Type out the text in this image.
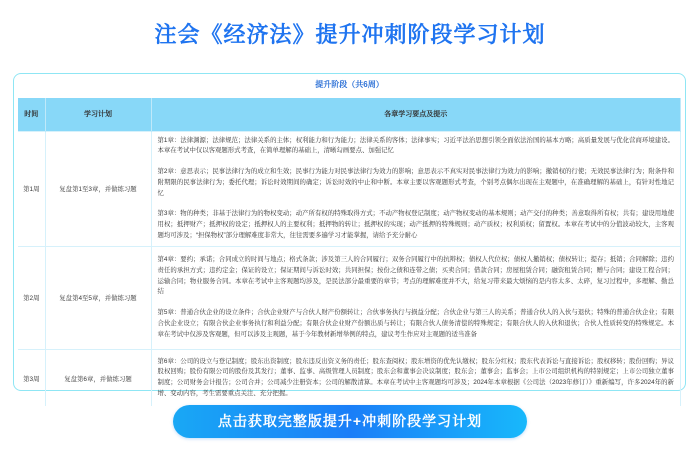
注会《经济法》提升冲刺阶段学习计划
提升阶段（共6周）
时间	学习计划	各章学习要点及提示
第1周	复盘第1至3章，并做练习题	第1章：法律渊源；法律规范；法律关系的主体；权利能力和行为能力；法律关系的客体；法律事实；习近平法治思想引领全面依法治国的基本方略；高质量发展与优化营商环境建设。本章在考试中仅以客观题形式考查，在简单理解的基础上，清晰勾画要点、加强记忆

第2章：意思表示；民事法律行为的成立和生效；民事行为能力对民事法律行为效力的影响；意思表示不真实对民事法律行为效力的影响；撤销权的行使；无效民事法律行为；附条件和附期限的民事法律行为；委托代理；诉讼时效期间的确定；诉讼时效的中止和中断。本章主要以客观题形式考查，个别考点偶尔出现在主观题中，在准确理解的基础上，有针对性地记忆

第3章：物的种类；非基于法律行为的物权变动；动产所有权的特殊取得方式；不动产物权登记制度；动产物权变动的基本规则；动产交付的种类；善意取得所有权；共有；建设用地使用权；抵押财产；抵押权的设定；抵押权人的主要权利；抵押物的转让；抵押权的实现；动产抵押的特殊规则；动产质权；权利质权；留置权。本章在考试中的分值波动较大，主客观题均可涉及；“担保物权”部分理解难度非常大，往往需要多遍学习才能掌握，请给予充分耐心

第2周	复盘第4至5章，并做练习题	第4章：要约；承诺；合同成立的时间与地点；格式条款；涉及第三人的合同履行；双务合同履行中的抗辩权；债权人代位权；债权人撤销权；债权转让；提存；抵销；合同解除；违约责任的承担方式；违约定金；保证的设立；保证期间与诉讼时效；共同担保；按份之债和连带之债；买卖合同；借款合同；房屋租赁合同；融资租赁合同；赠与合同；建设工程合同；运输合同；物业服务合同。本章在考试中主客观题均涉及，是民法部分最重要的章节；考点的理解难度并不大，给复习带来最大烦恼的是内容太多、太碎，复习过程中，多理解、勤总结

第5章：普通合伙企业的设立条件；合伙企业财产与合伙人财产份额转让；合伙事务执行与损益分配；合伙企业与第三人的关系；普通合伙人的入伙与退伙；特殊的普通合伙企业；有限合伙企业设立；有限合伙企业事务执行和利益分配；有限合伙企业财产份额出质与转让；有限合伙人债务清偿的特殊规定；有限合伙人的入伙和退伙；合伙人性质转变的特殊规定。本章在考试中仅涉及客观题，但可以涉及主观题，基于今年教材新增举例的特点，建议考生作应对主观题的适当准备

第3周	复盘第6章，并做练习题	第6章：公司的设立与登记制度；股东出资制度；股东违反出资义务的责任；股东查阅权；股东增资的优先认缴权；股东分红权；股东代表诉讼与直接诉讼；股权移转；股份回购；异议股权回购；股份有限公司的股份及其发行；董事、监事、高级管理人员制度；股东会和董事会决议制度；股东会；董事会；监事会；上市公司组织机构的特别规定；上市公司独立董事制度；公司财务会计报告；公司合并；公司减少注册资本；公司的解散清算。本章在考试中主客观题均可涉及；2024年本章根据《公司法（2023年修订）》重新编写，许多2024年的新增、变动内容，考生需要重点关注、充分把握。

点击获取完整版提升+冲刺阶段学习计划
